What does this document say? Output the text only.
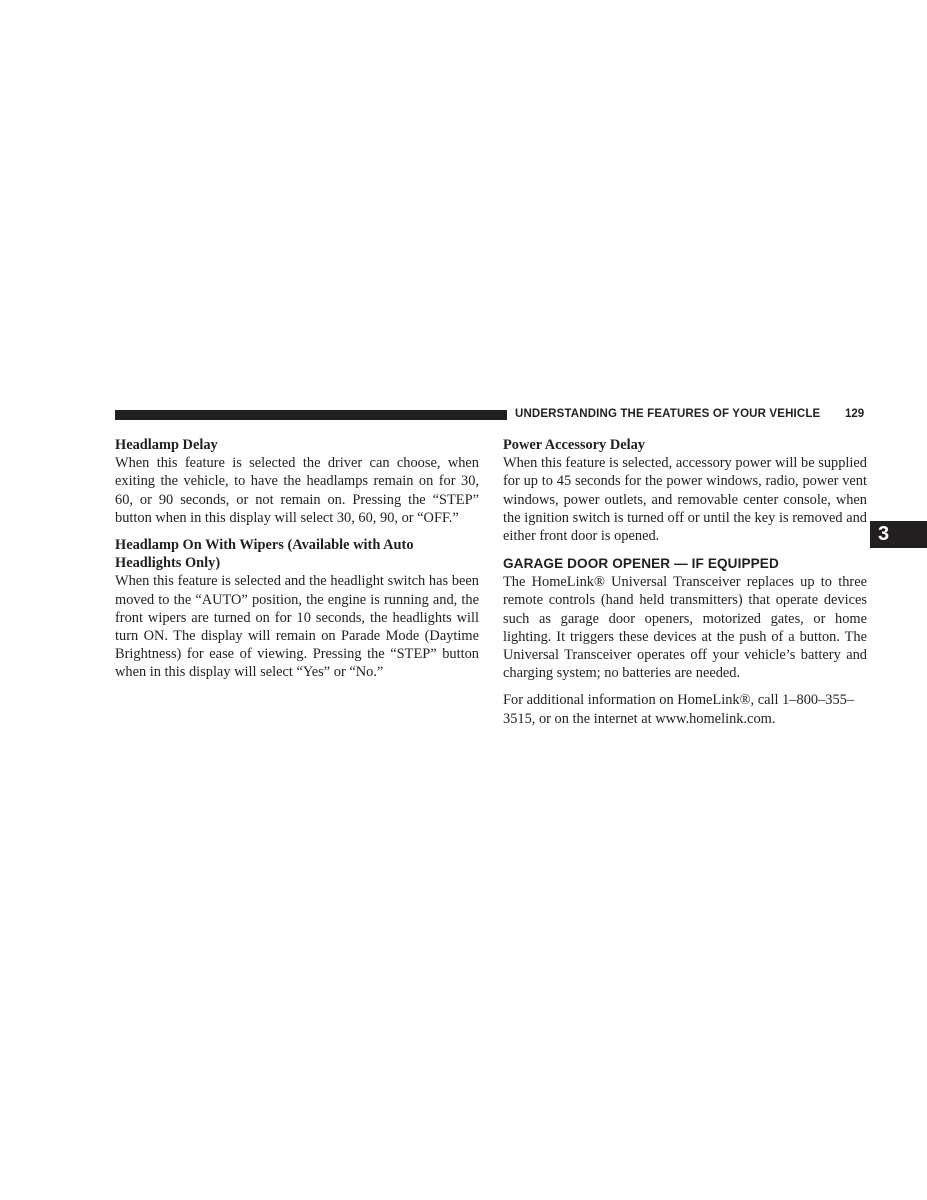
UNDERSTANDING THE FEATURES OF YOUR VEHICLE 129
3

Headlamp Delay

When this feature is selected the driver can choose, when exiting the vehicle, to have the headlamps remain on for 30, 60, or 90 seconds, or not remain on. Pressing the “STEP” button when in this display will select 30, 60, 90, or “OFF.”

Headlamp On With Wipers (Available with Auto Headlights Only)

When this feature is selected and the headlight switch has been moved to the “AUTO” position, the engine is running and, the front wipers are turned on for 10 seconds, the headlights will turn ON. The display will remain on Parade Mode (Daytime Brightness) for ease of viewing. Pressing the “STEP” button when in this display will select “Yes” or “No.”

Power Accessory Delay

When this feature is selected, accessory power will be supplied for up to 45 seconds for the power windows, radio, power vent windows, power outlets, and removable center console, when the ignition switch is turned off or until the key is removed and either front door is opened.

GARAGE DOOR OPENER — IF EQUIPPED

The HomeLink® Universal Transceiver replaces up to three remote controls (hand held transmitters) that operate devices such as garage door openers, motorized gates, or home lighting. It triggers these devices at the push of a button. The Universal Transceiver operates off your vehicle’s battery and charging system; no batteries are needed.

For additional information on HomeLink®, call 1–800–355–3515, or on the internet at www.homelink.com.
